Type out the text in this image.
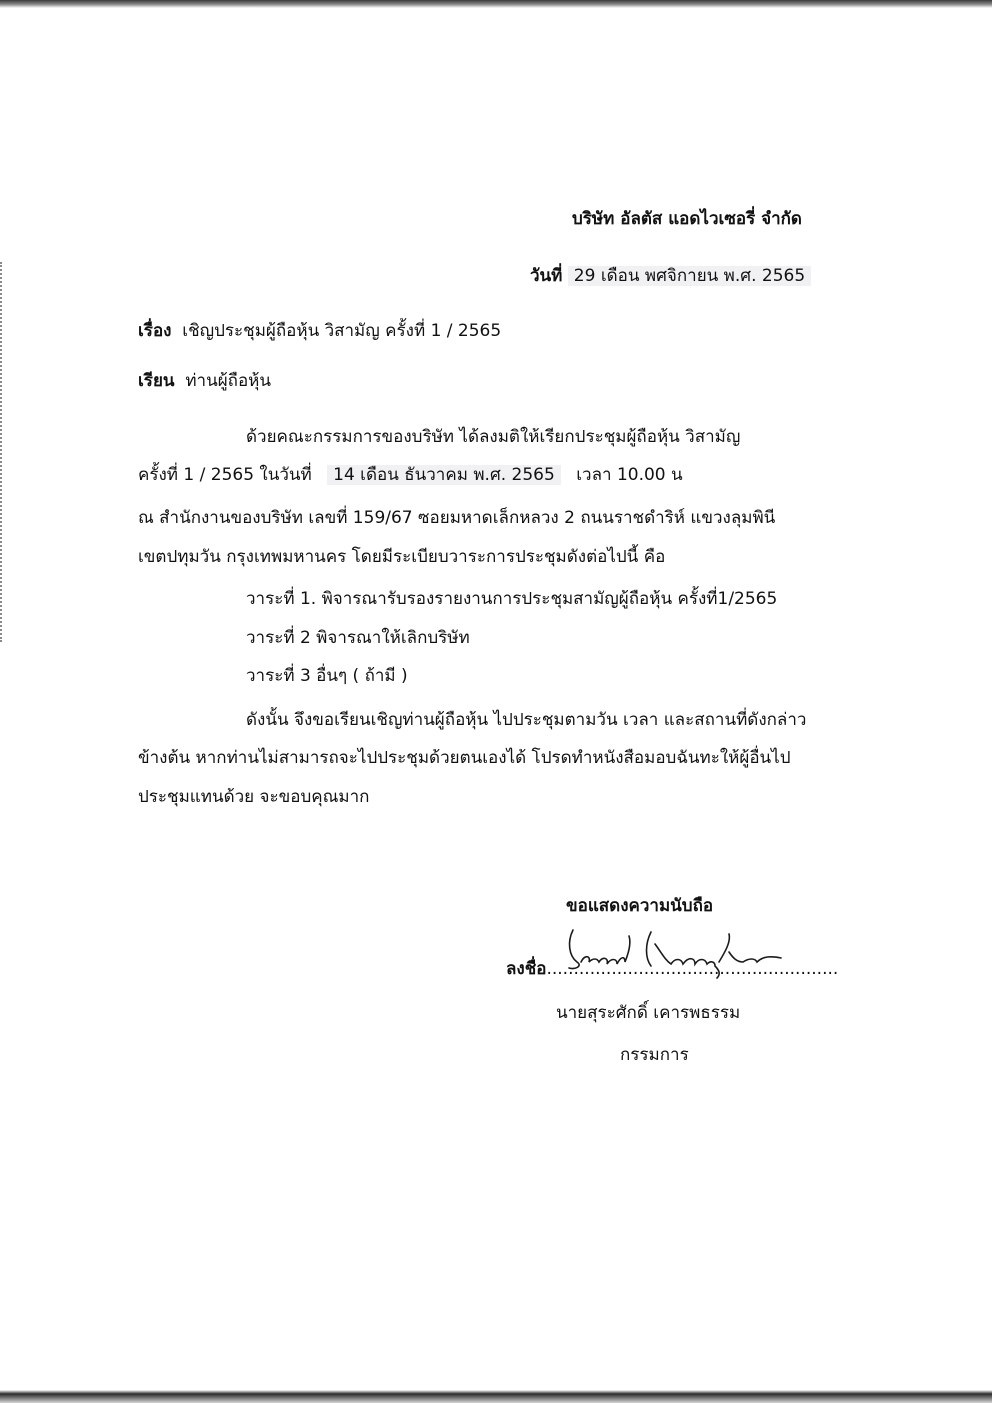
บริษัท อัลตัส แอดไวเซอรี่ จำกัด
วันที่ 29 เดือน พศจิกายน พ.ศ. 2565
เรื่อง เชิญประชุมผู้ถือหุ้น วิสามัญ ครั้งที่ 1 / 2565
เรียน ท่านผู้ถือหุ้น
ด้วยคณะกรรมการของบริษัท ได้ลงมติให้เรียกประชุมผู้ถือหุ้น วิสามัญ
ครั้งที่ 1 / 2565 ในวันที่ 14 เดือน ธันวาคม พ.ศ. 2565 เวลา 10.00 น
ณ สำนักงานของบริษัท เลขที่ 159/67 ซอยมหาดเล็กหลวง 2 ถนนราชดำริห์ แขวงลุมพินี
เขตปทุมวัน กรุงเทพมหานคร โดยมีระเบียบวาระการประชุมดังต่อไปนี้ คือ
วาระที่ 1. พิจารณารับรองรายงานการประชุมสามัญผู้ถือหุ้น ครั้งที่1/2565
วาระที่ 2 พิจารณาให้เลิกบริษัท
วาระที่ 3 อื่นๆ ( ถ้ามี )
ดังนั้น จึงขอเรียนเชิญท่านผู้ถือหุ้น ไปประชุมตามวัน เวลา และสถานที่ดังกล่าว
ข้างต้น หากท่านไม่สามารถจะไปประชุมด้วยตนเองได้ โปรดทำหนังสือมอบฉันทะให้ผู้อื่นไป
ประชุมแทนด้วย จะขอบคุณมาก
ขอแสดงความนับถือ
ลงชื่อ......................................................
นายสุระศักดิ์ เคารพธรรม
กรรมการ
